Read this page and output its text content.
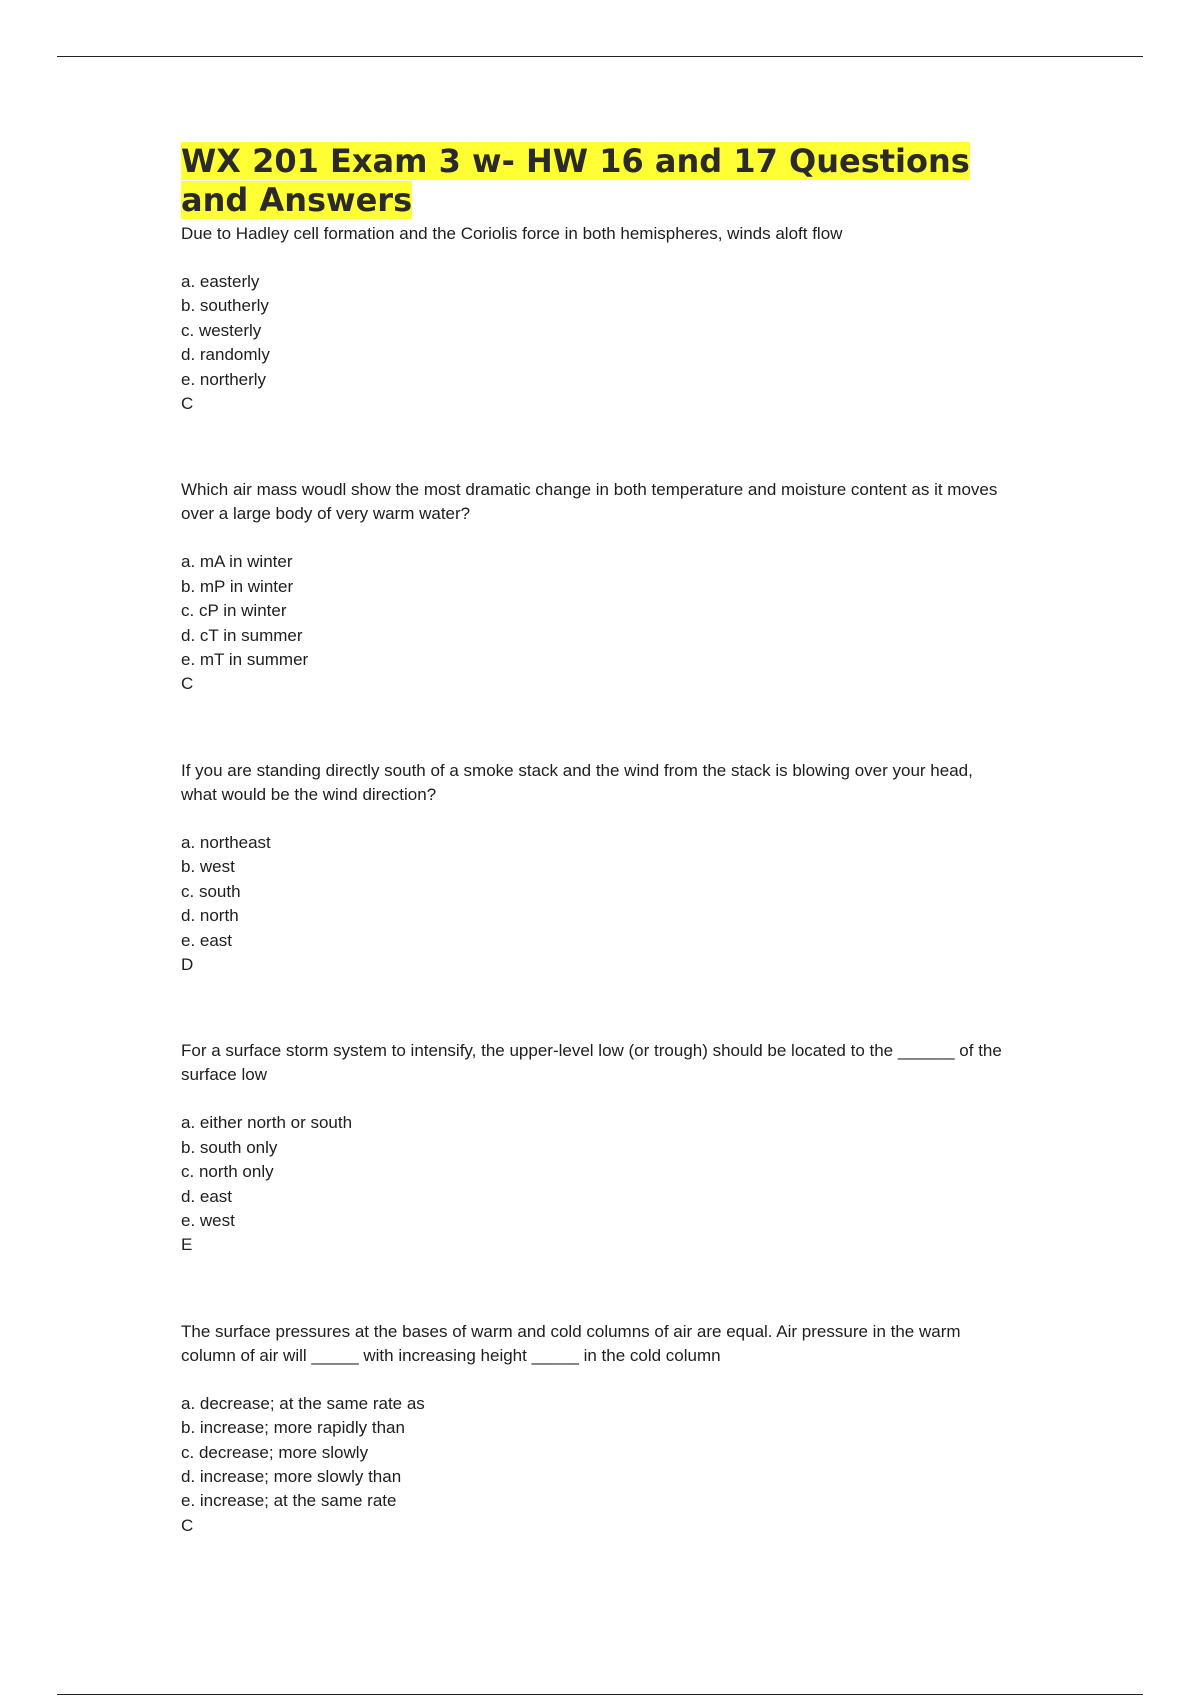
WX 201 Exam 3 w- HW 16 and 17 Questions and Answers

Due to Hadley cell formation and the Coriolis force in both hemispheres, winds aloft flow

a. easterly
b. southerly
c. westerly
d. randomly
e. northerly

C

Which air mass woudl show the most dramatic change in both temperature and moisture content as it moves over a large body of very warm water?

a. mA in winter
b. mP in winter
c. cP in winter
d. cT in summer
e. mT in summer

C

If you are standing directly south of a smoke stack and the wind from the stack is blowing over your head, what would be the wind direction?

a. northeast
b. west
c. south
d. north
e. east

D

For a surface storm system to intensify, the upper-level low (or trough) should be located to the ______ of the surface low

a. either north or south
b. south only
c. north only
d. east
e. west

E

The surface pressures at the bases of warm and cold columns of air are equal. Air pressure in the warm column of air will _____ with increasing height _____ in the cold column

a. decrease; at the same rate as
b. increase; more rapidly than
c. decrease; more slowly
d. increase; more slowly than
e. increase; at the same rate

C
